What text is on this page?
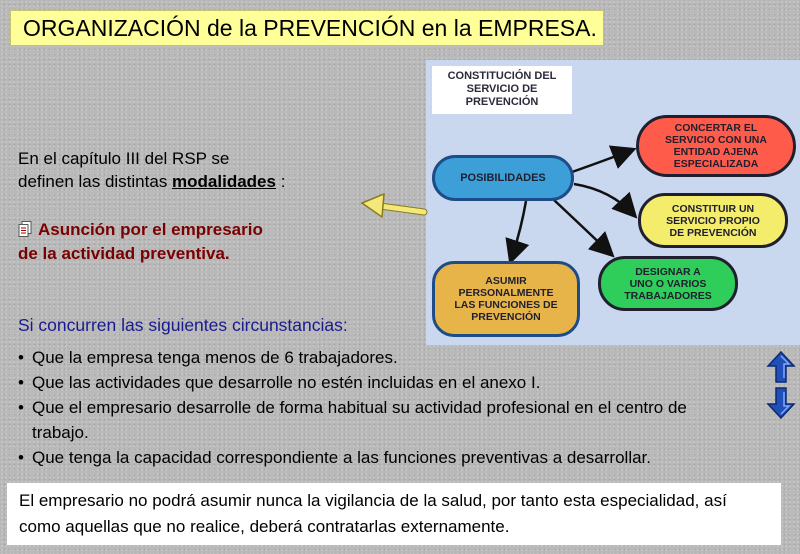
ORGANIZACIÓN de la PREVENCIÓN en la EMPRESA.
CONSTITUCIÓN DEL
SERVICIO DE
PREVENCIÓN
POSIBILIDADES
CONCERTAR EL
SERVICIO CON UNA
ENTIDAD AJENA
ESPECIALIZADA
CONSTITUIR UN
SERVICIO PROPIO
DE PREVENCIÓN
DESIGNAR A
UNO O VARIOS
TRABAJADORES
ASUMIR
PERSONALMENTE
LAS FUNCIONES DE
PREVENCIÓN
En el capítulo III del RSP se
definen las distintas modalidades :
Asunción por el empresario
de la actividad preventiva.
Si concurren las siguientes circunstancias:
• Que la empresa tenga menos de 6 trabajadores.
• Que las actividades que desarrolle no estén incluidas en el anexo I.
• Que el empresario desarrolle de forma habitual su actividad profesional en el centro de trabajo.
• Que tenga la capacidad correspondiente a las funciones preventivas a desarrollar.
El empresario no podrá asumir nunca la vigilancia de la salud, por tanto esta especialidad, así como aquellas que no realice, deberá contratarlas externamente.
